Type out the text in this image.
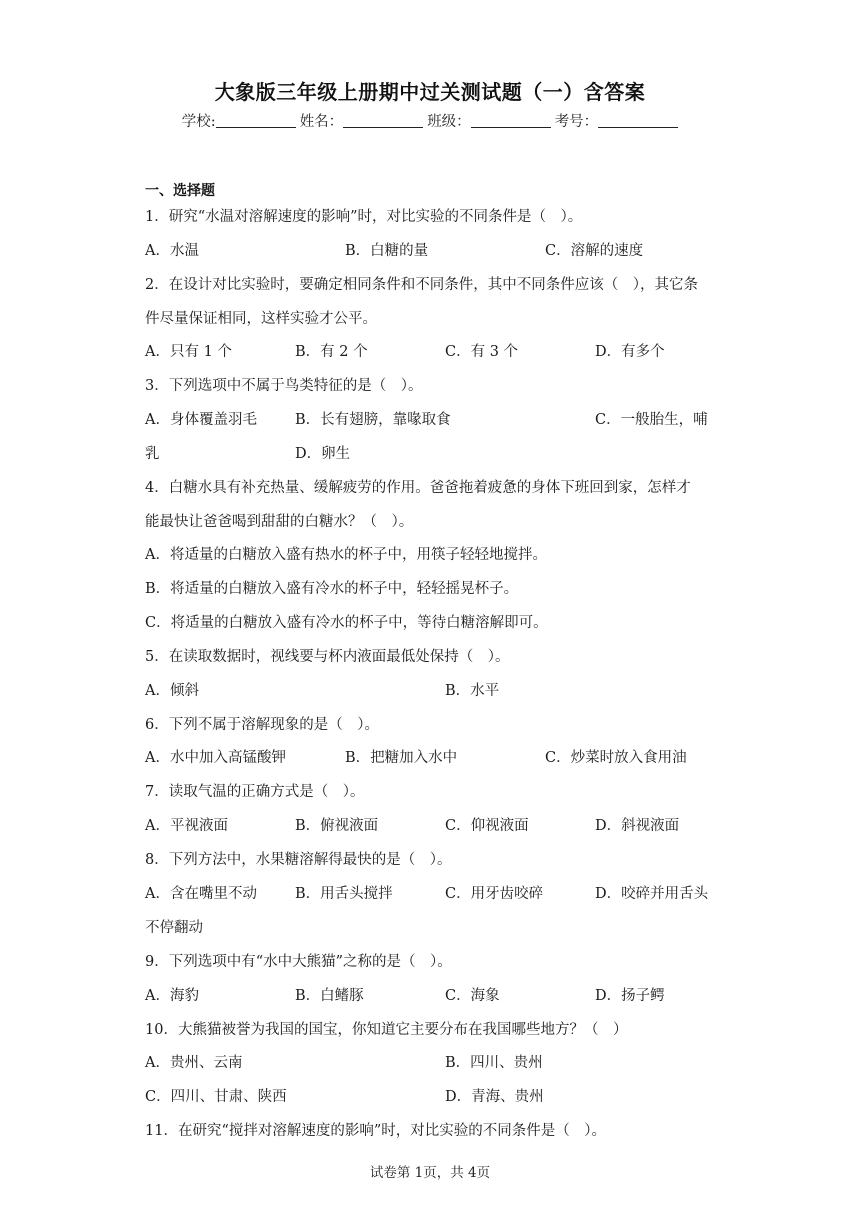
大象版三年级上册期中过关测试题（一）含答案
学校:	姓名：	班级：	考号：
一、选择题
1．研究“水温对溶解速度的影响”时，对比实验的不同条件是（　）。
A．水温	B．白糖的量	C．溶解的速度
2．在设计对比实验时，要确定相同条件和不同条件，其中不同条件应该（　），其它条
件尽量保证相同，这样实验才公平。
A．只有 1 个	B．有 2 个	C．有 3 个	D．有多个
3．下列选项中不属于鸟类特征的是（　）。
A．身体覆盖羽毛	B．长有翅膀，靠喙取食	C．一般胎生，哺
乳	D．卵生
4．白糖水具有补充热量、缓解疲劳的作用。爸爸拖着疲惫的身体下班回到家，怎样才
能最快让爸爸喝到甜甜的白糖水？（　）。
A．将适量的白糖放入盛有热水的杯子中，用筷子轻轻地搅拌。
B．将适量的白糖放入盛有冷水的杯子中，轻轻摇晃杯子。
C．将适量的白糖放入盛有冷水的杯子中，等待白糖溶解即可。
5．在读取数据时，视线要与杯内液面最低处保持（　）。
A．倾斜	B．水平
6．下列不属于溶解现象的是（　）。
A．水中加入高锰酸钾	B．把糖加入水中	C．炒菜时放入食用油
7．读取气温的正确方式是（　）。
A．平视液面	B．俯视液面	C．仰视液面	D．斜视液面
8．下列方法中，水果糖溶解得最快的是（　）。
A．含在嘴里不动	B．用舌头搅拌	C．用牙齿咬碎	D．咬碎并用舌头
不停翻动
9．下列选项中有“水中大熊猫”之称的是（　）。
A．海豹	B．白鳍豚	C．海象	D．扬子鳄
10．大熊猫被誉为我国的国宝，你知道它主要分布在我国哪些地方？（　）
A．贵州、云南	B．四川、贵州
C．四川、甘肃、陕西	D．青海、贵州
11．在研究“搅拌对溶解速度的影响”时，对比实验的不同条件是（　）。
试卷第 1页，共 4页
